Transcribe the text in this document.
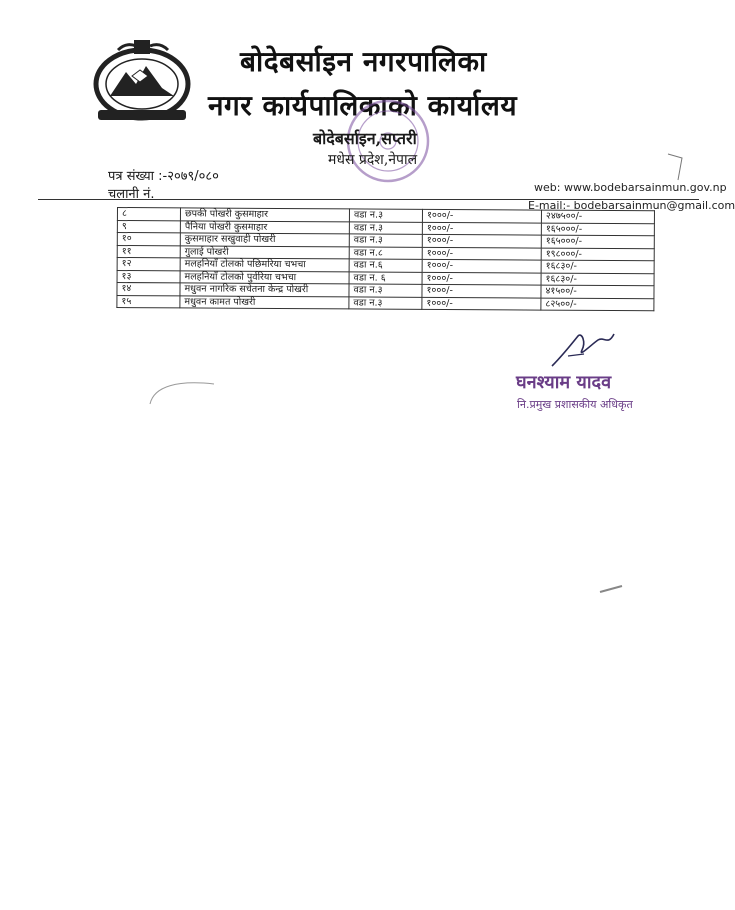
बोदेबर्साइन नगरपालिका
नगर कार्यपालिकाको कार्यालय
बोदेबर्साइन,सप्तरी
मधेस प्रदेश,नेपाल
पत्र संख्या :-२०७९/०८०
चलानी नं.	web: www.bodebarsainmun.gov.np
E-mail:- bodebarsainmun@gmail.com
८	छपकी पोखरी कुसमाहार	वडा न.३	१०००/-	२४७५००/-
९	पैनिया पोखरी कुसमाहार	वडा न.३	१०००/-	१६५०००/-
१०	कुसमाहार सखुवाही पोखरी	वडा न.३	१०००/-	१६५०००/-
११	गुलाई पोखरी	वडा न.८	१०००/-	१९८०००/-
१२	मलहनियाँ टोलको पछिमरिया चभचा	वडा न.६	१०००/-	१६८३०/-
१३	मलहनियाँ टोलको पुर्वरिया चभचा	वडा न. ६	१०००/-	१६८३०/-
१४	मधुवन नागरिक सचेतना केन्द्र पोखरी	वडा न.३	१०००/-	४१५००/-
१५	मधुवन कामत पोखरी	वडा न.३	१०००/-	८२५००/-
घनश्याम यादव
नि.प्रमुख प्रशासकीय अधिकृत
